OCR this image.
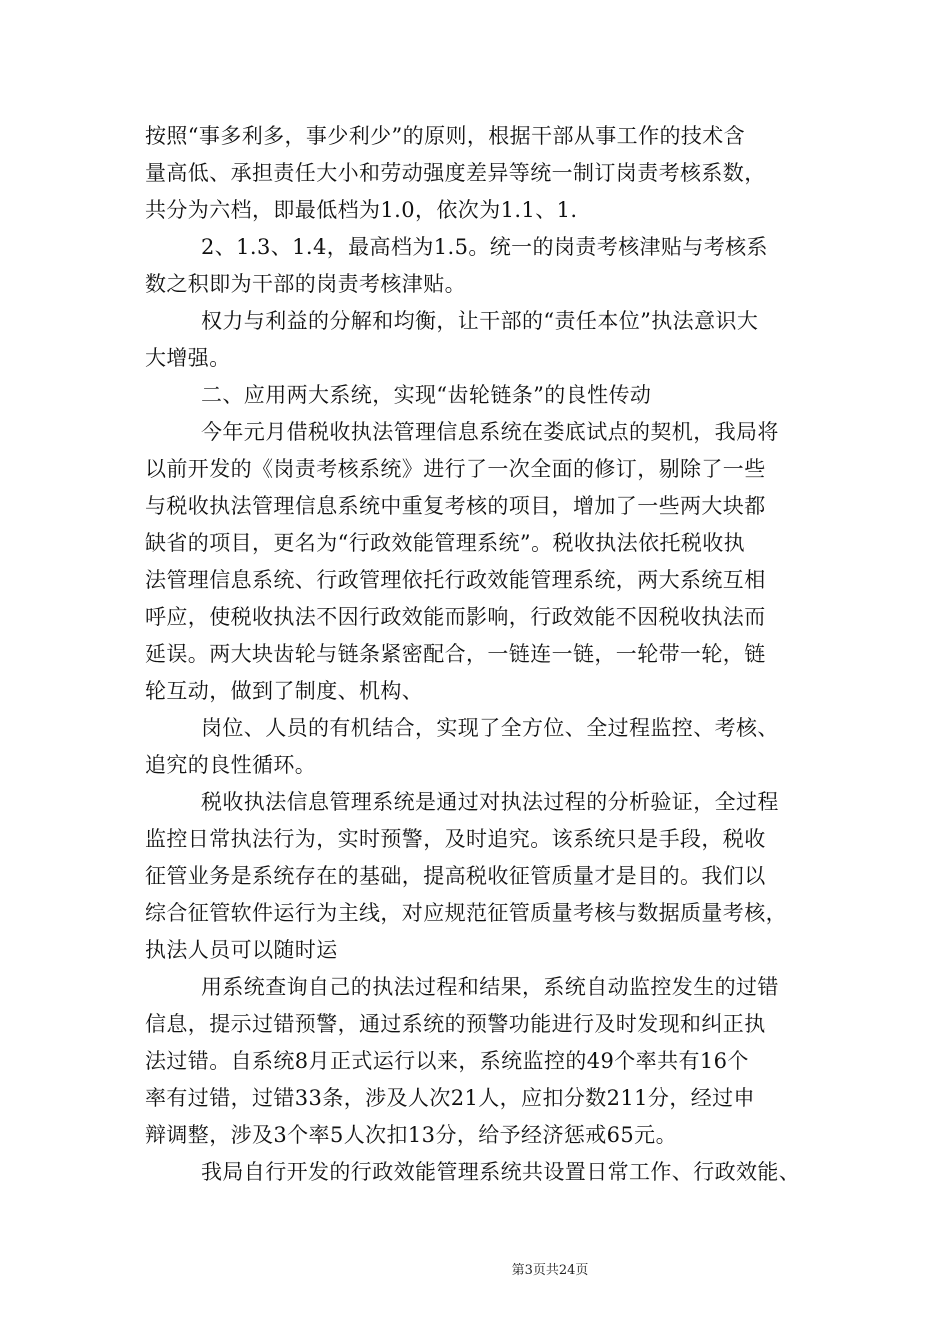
按照“事多利多，事少利少”的原则，根据干部从事工作的技术含
量高低、承担责任大小和劳动强度差异等统一制订岗责考核系数，
共分为六档，即最低档为1.0，依次为1.1、1.
2、1.3、1.4，最高档为1.5。统一的岗责考核津贴与考核系
数之积即为干部的岗责考核津贴。
权力与利益的分解和均衡，让干部的“责任本位”执法意识大
大增强。
二、应用两大系统，实现“齿轮链条”的良性传动
今年元月借税收执法管理信息系统在娄底试点的契机，我局将
以前开发的《岗责考核系统》进行了一次全面的修订，剔除了一些
与税收执法管理信息系统中重复考核的项目，增加了一些两大块都
缺省的项目，更名为“行政效能管理系统”。税收执法依托税收执
法管理信息系统、行政管理依托行政效能管理系统，两大系统互相
呼应，使税收执法不因行政效能而影响，行政效能不因税收执法而
延误。两大块齿轮与链条紧密配合，一链连一链，一轮带一轮，链
轮互动，做到了制度、机构、
岗位、人员的有机结合，实现了全方位、全过程监控、考核、
追究的良性循环。
税收执法信息管理系统是通过对执法过程的分析验证，全过程
监控日常执法行为，实时预警，及时追究。该系统只是手段，税收
征管业务是系统存在的基础，提高税收征管质量才是目的。我们以
综合征管软件运行为主线，对应规范征管质量考核与数据质量考核，
执法人员可以随时运
用系统查询自己的执法过程和结果，系统自动监控发生的过错
信息，提示过错预警，通过系统的预警功能进行及时发现和纠正执
法过错。自系统8月正式运行以来，系统监控的49个率共有16个
率有过错，过错33条，涉及人次21人，应扣分数211分，经过申
辩调整，涉及3个率5人次扣13分，给予经济惩戒65元。
我局自行开发的行政效能管理系统共设置日常工作、行政效能、
第3页共24页
